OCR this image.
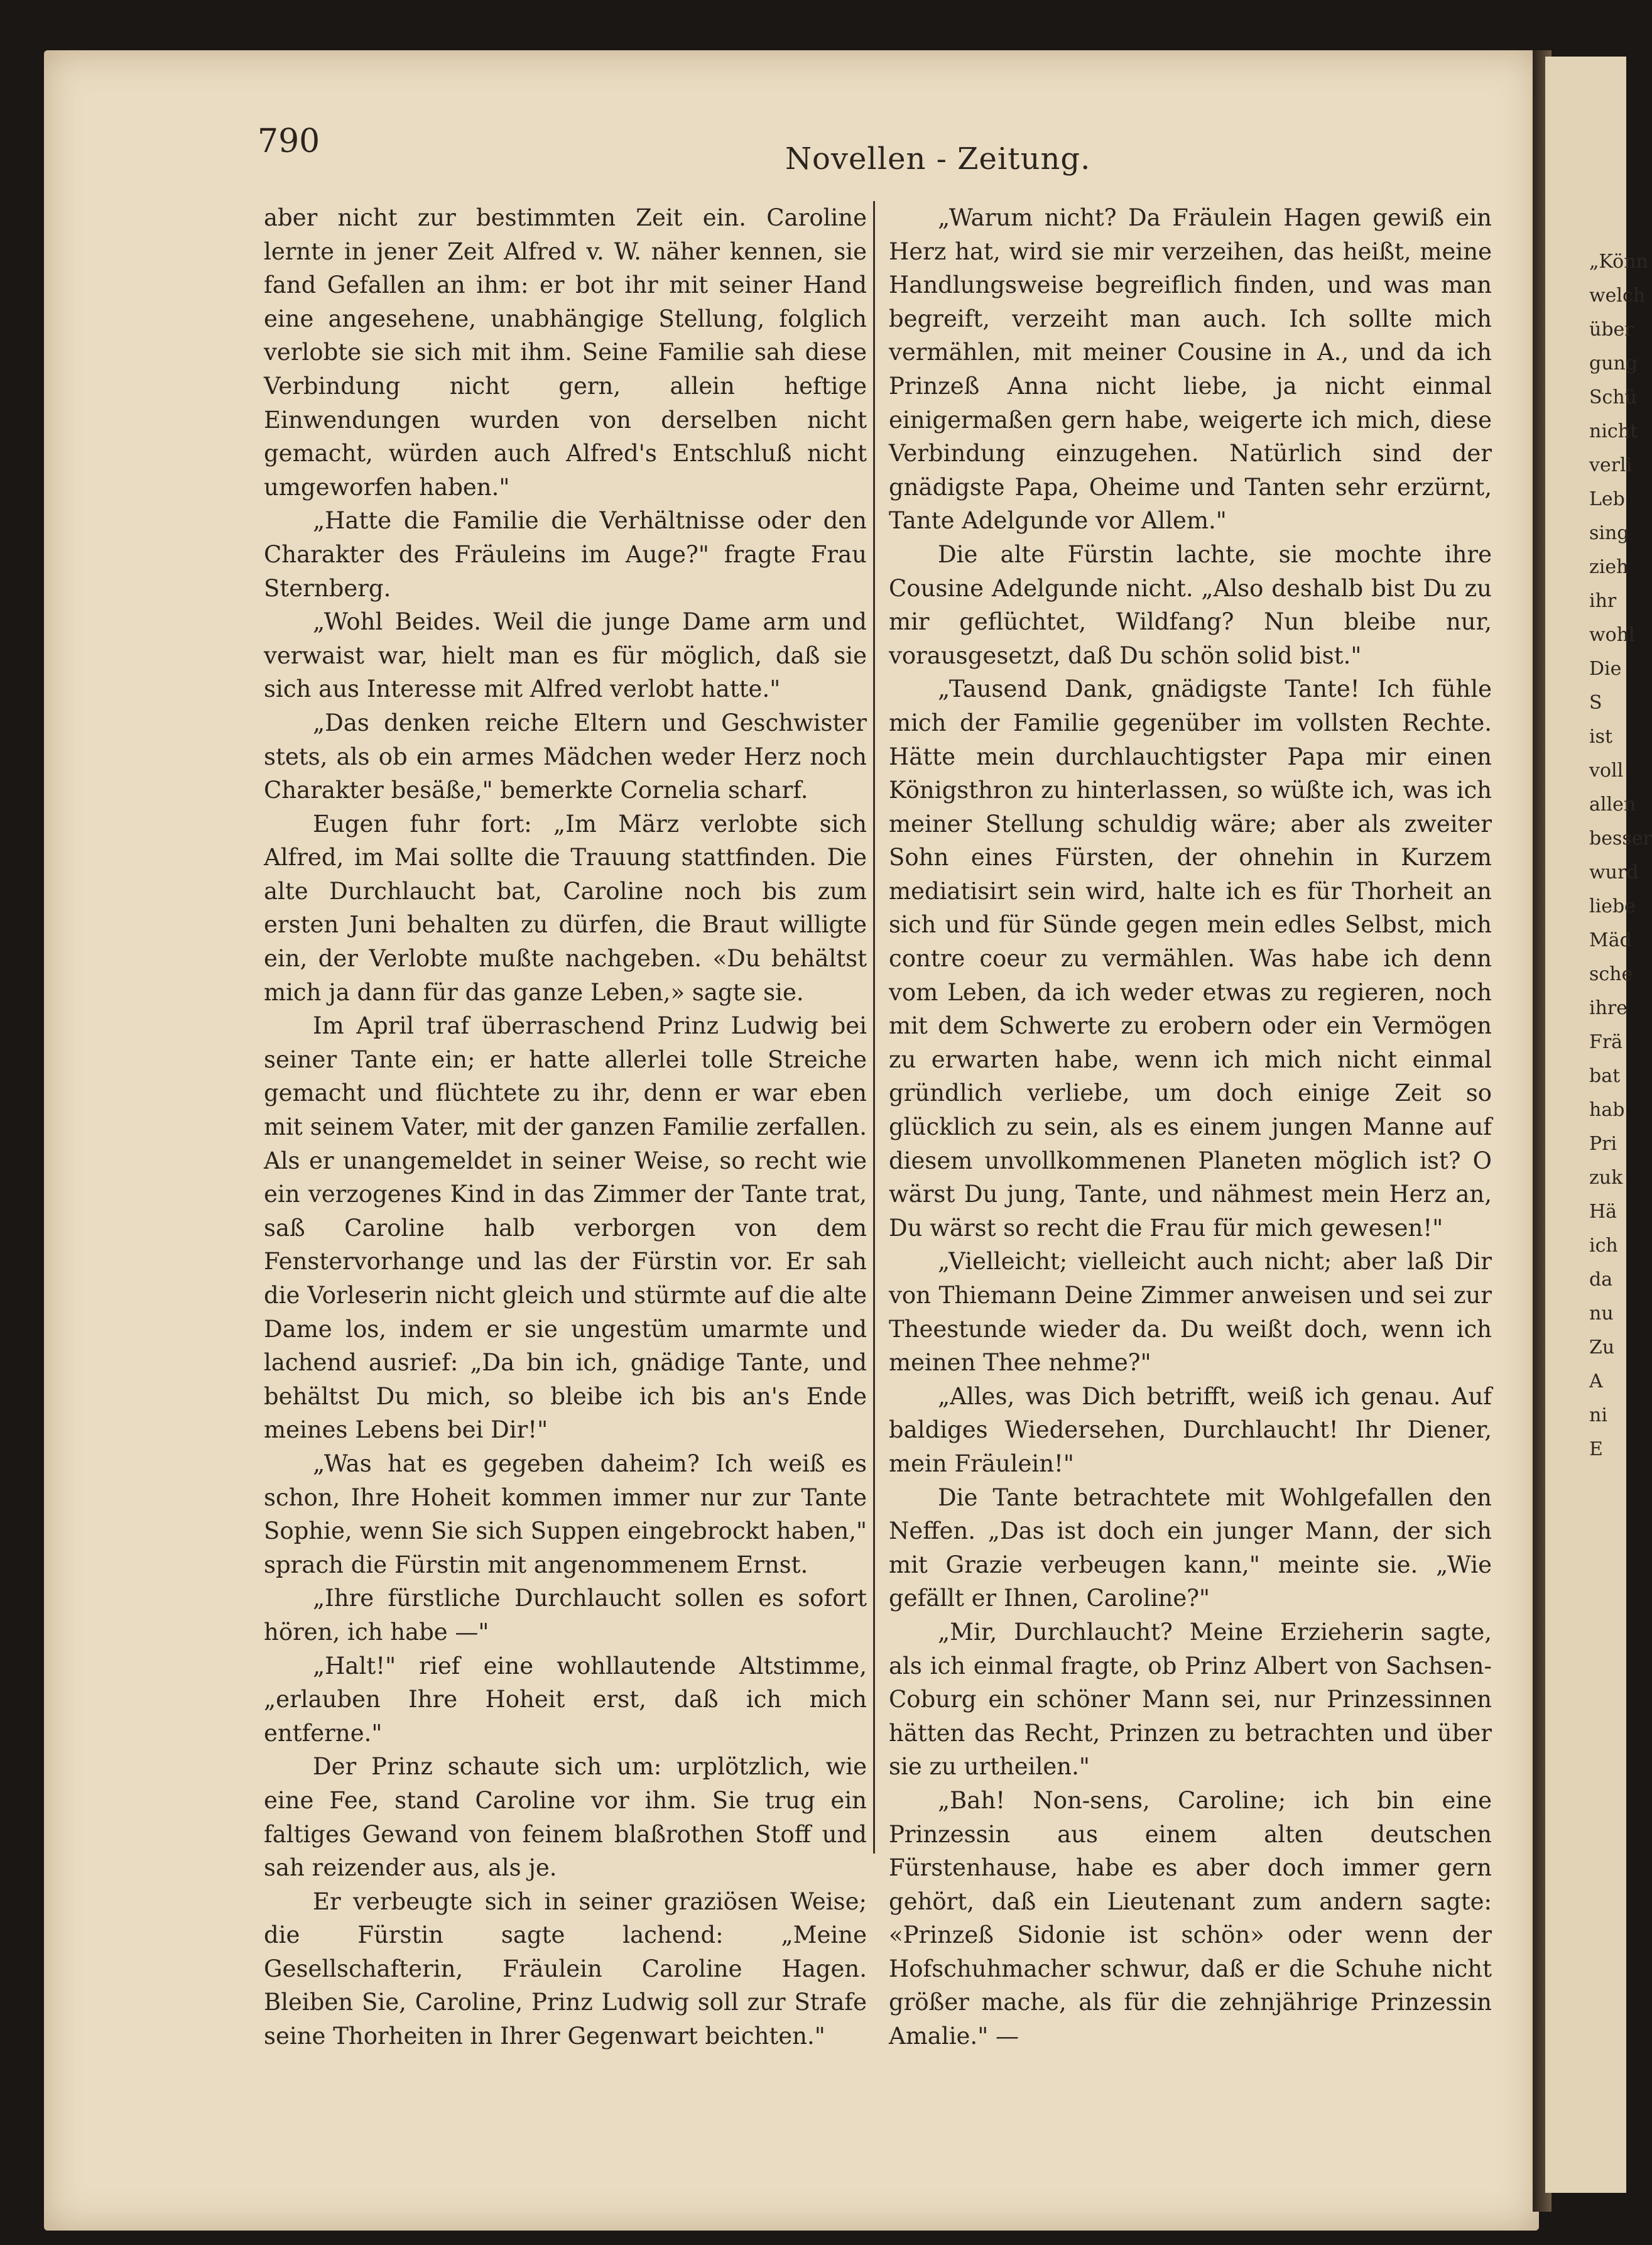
„Könn
welch
über
gung
Schü
nicht
verli
Leb
sing
zieh
ihr
wohl
Die
S
ist
voll
allen
besser
wurd
liebe
Mäd
sche
ihre
Frä
bat
hab
Pri
zuk
Hä
ich
da
nu
Zu
A
ni
E
790	Novellen - Zeitung.

aber nicht zur bestimmten Zeit ein. Caroline lernte in jener Zeit Alfred v. W. näher kennen, sie fand Gefallen an ihm: er bot ihr mit seiner Hand eine angesehene, unabhängige Stellung, folglich verlobte sie sich mit ihm. Seine Familie sah diese Verbindung nicht gern, allein heftige Einwendungen wurden von derselben nicht gemacht, würden auch Alfred's Entschluß nicht umgeworfen haben."

„Hatte die Familie die Verhältnisse oder den Charakter des Fräuleins im Auge?" fragte Frau Sternberg.

„Wohl Beides. Weil die junge Dame arm und verwaist war, hielt man es für möglich, daß sie sich aus Interesse mit Alfred verlobt hatte."

„Das denken reiche Eltern und Geschwister stets, als ob ein armes Mädchen weder Herz noch Charakter besäße," bemerkte Cornelia scharf.

Eugen fuhr fort: „Im März verlobte sich Alfred, im Mai sollte die Trauung stattfinden. Die alte Durchlaucht bat, Caroline noch bis zum ersten Juni behalten zu dürfen, die Braut willigte ein, der Verlobte mußte nachgeben. «Du behältst mich ja dann für das ganze Leben,» sagte sie.

Im April traf überraschend Prinz Ludwig bei seiner Tante ein; er hatte allerlei tolle Streiche gemacht und flüchtete zu ihr, denn er war eben mit seinem Vater, mit der ganzen Familie zerfallen. Als er unangemeldet in seiner Weise, so recht wie ein verzogenes Kind in das Zimmer der Tante trat, saß Caroline halb verborgen von dem Fenstervorhange und las der Fürstin vor. Er sah die Vorleserin nicht gleich und stürmte auf die alte Dame los, indem er sie ungestüm umarmte und lachend ausrief: „Da bin ich, gnädige Tante, und behältst Du mich, so bleibe ich bis an's Ende meines Lebens bei Dir!"

„Was hat es gegeben daheim? Ich weiß es schon, Ihre Hoheit kommen immer nur zur Tante Sophie, wenn Sie sich Suppen eingebrockt haben," sprach die Fürstin mit angenommenem Ernst.

„Ihre fürstliche Durchlaucht sollen es sofort hören, ich habe —"

„Halt!" rief eine wohllautende Altstimme, „erlauben Ihre Hoheit erst, daß ich mich entferne."

Der Prinz schaute sich um: urplötzlich, wie eine Fee, stand Caroline vor ihm. Sie trug ein faltiges Gewand von feinem blaßrothen Stoff und sah reizender aus, als je.

Er verbeugte sich in seiner graziösen Weise; die Fürstin sagte lachend: „Meine Gesellschafterin, Fräulein Caroline Hagen. Bleiben Sie, Caroline, Prinz Ludwig soll zur Strafe seine Thorheiten in Ihrer Gegenwart beichten."

„Warum nicht? Da Fräulein Hagen gewiß ein Herz hat, wird sie mir verzeihen, das heißt, meine Handlungsweise begreiflich finden, und was man begreift, verzeiht man auch. Ich sollte mich vermählen, mit meiner Cousine in A., und da ich Prinzeß Anna nicht liebe, ja nicht einmal einigermaßen gern habe, weigerte ich mich, diese Verbindung einzugehen. Natürlich sind der gnädigste Papa, Oheime und Tanten sehr erzürnt, Tante Adelgunde vor Allem."

Die alte Fürstin lachte, sie mochte ihre Cousine Adelgunde nicht. „Also deshalb bist Du zu mir geflüchtet, Wildfang? Nun bleibe nur, vorausgesetzt, daß Du schön solid bist."

„Tausend Dank, gnädigste Tante! Ich fühle mich der Familie gegenüber im vollsten Rechte. Hätte mein durchlauchtigster Papa mir einen Königsthron zu hinterlassen, so wüßte ich, was ich meiner Stellung schuldig wäre; aber als zweiter Sohn eines Fürsten, der ohnehin in Kurzem mediatisirt sein wird, halte ich es für Thorheit an sich und für Sünde gegen mein edles Selbst, mich contre coeur zu vermählen. Was habe ich denn vom Leben, da ich weder etwas zu regieren, noch mit dem Schwerte zu erobern oder ein Vermögen zu erwarten habe, wenn ich mich nicht einmal gründlich verliebe, um doch einige Zeit so glücklich zu sein, als es einem jungen Manne auf diesem unvollkommenen Planeten möglich ist? O wärst Du jung, Tante, und nähmest mein Herz an, Du wärst so recht die Frau für mich gewesen!"

„Vielleicht; vielleicht auch nicht; aber laß Dir von Thiemann Deine Zimmer anweisen und sei zur Theestunde wieder da. Du weißt doch, wenn ich meinen Thee nehme?"

„Alles, was Dich betrifft, weiß ich genau. Auf baldiges Wiedersehen, Durchlaucht! Ihr Diener, mein Fräulein!"

Die Tante betrachtete mit Wohlgefallen den Neffen. „Das ist doch ein junger Mann, der sich mit Grazie verbeugen kann," meinte sie. „Wie gefällt er Ihnen, Caroline?"

„Mir, Durchlaucht? Meine Erzieherin sagte, als ich einmal fragte, ob Prinz Albert von Sachsen-Coburg ein schöner Mann sei, nur Prinzessinnen hätten das Recht, Prinzen zu betrachten und über sie zu urtheilen."

„Bah! Non-sens, Caroline; ich bin eine Prinzessin aus einem alten deutschen Fürstenhause, habe es aber doch immer gern gehört, daß ein Lieutenant zum andern sagte: «Prinzeß Sidonie ist schön» oder wenn der Hofschuhmacher schwur, daß er die Schuhe nicht größer mache, als für die zehnjährige Prinzessin Amalie." —
